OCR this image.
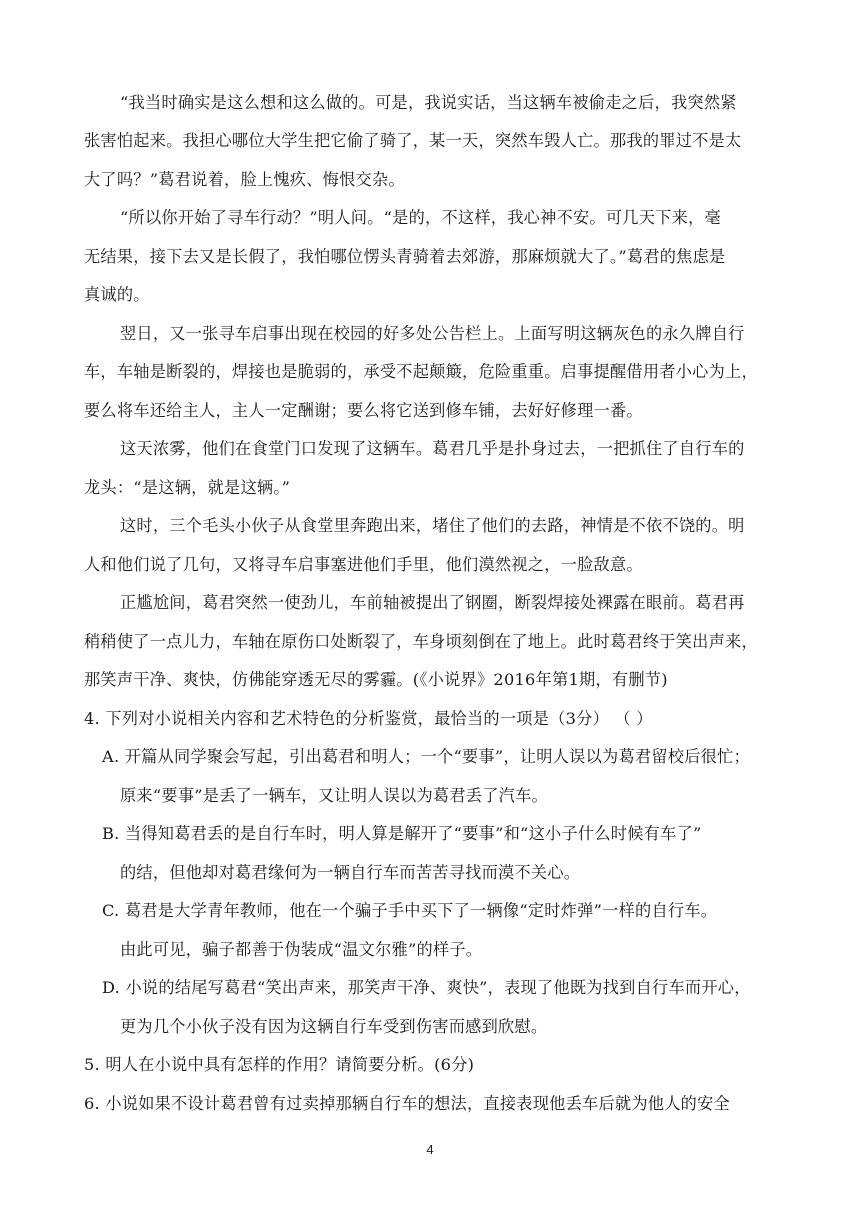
“我当时确实是这么想和这么做的。可是，我说实话，当这辆车被偷走之后，我突然紧
张害怕起来。我担心哪位大学生把它偷了骑了，某一天，突然车毁人亡。那我的罪过不是太
大了吗？”葛君说着，脸上愧疚、悔恨交杂。
“所以你开始了寻车行动？”明人问。“是的，不这样，我心神不安。可几天下来，毫
无结果，接下去又是长假了，我怕哪位愣头青骑着去郊游，那麻烦就大了。”葛君的焦虑是
真诚的。
翌日，又一张寻车启事出现在校园的好多处公告栏上。上面写明这辆灰色的永久牌自行
车，车轴是断裂的，焊接也是脆弱的，承受不起颠簸，危险重重。启事提醒借用者小心为上，
要么将车还给主人，主人一定酬谢；要么将它送到修车铺，去好好修理一番。
这天浓雾，他们在食堂门口发现了这辆车。葛君几乎是扑身过去，一把抓住了自行车的
龙头：“是这辆，就是这辆。”
这时，三个毛头小伙子从食堂里奔跑出来，堵住了他们的去路，神情是不依不饶的。明
人和他们说了几句，又将寻车启事塞进他们手里，他们漠然视之，一脸敌意。
正尴尬间，葛君突然一使劲儿，车前轴被提出了钢圈，断裂焊接处裸露在眼前。葛君再
稍稍使了一点儿力，车轴在原伤口处断裂了，车身顷刻倒在了地上。此时葛君终于笑出声来，
那笑声干净、爽快，仿佛能穿透无尽的雾霾。(《小说界》2016年第1期，有删节)
4. 下列对小说相关内容和艺术特色的分析鉴赏，最恰当的一项是（3分） （ ）
A. 开篇从同学聚会写起，引出葛君和明人；一个“要事”，让明人误以为葛君留校后很忙；
原来“要事”是丢了一辆车，又让明人误以为葛君丢了汽车。
B. 当得知葛君丢的是自行车时，明人算是解开了“要事”和“这小子什么时候有车了”
的结，但他却对葛君缘何为一辆自行车而苦苦寻找而漠不关心。
C. 葛君是大学青年教师，他在一个骗子手中买下了一辆像“定时炸弹”一样的自行车。
由此可见，骗子都善于伪装成“温文尔雅”的样子。
D. 小说的结尾写葛君“笑出声来，那笑声干净、爽快”，表现了他既为找到自行车而开心，
更为几个小伙子没有因为这辆自行车受到伤害而感到欣慰。
5. 明人在小说中具有怎样的作用？请简要分析。(6分)
6. 小说如果不设计葛君曾有过卖掉那辆自行车的想法，直接表现他丢车后就为他人的安全
4
